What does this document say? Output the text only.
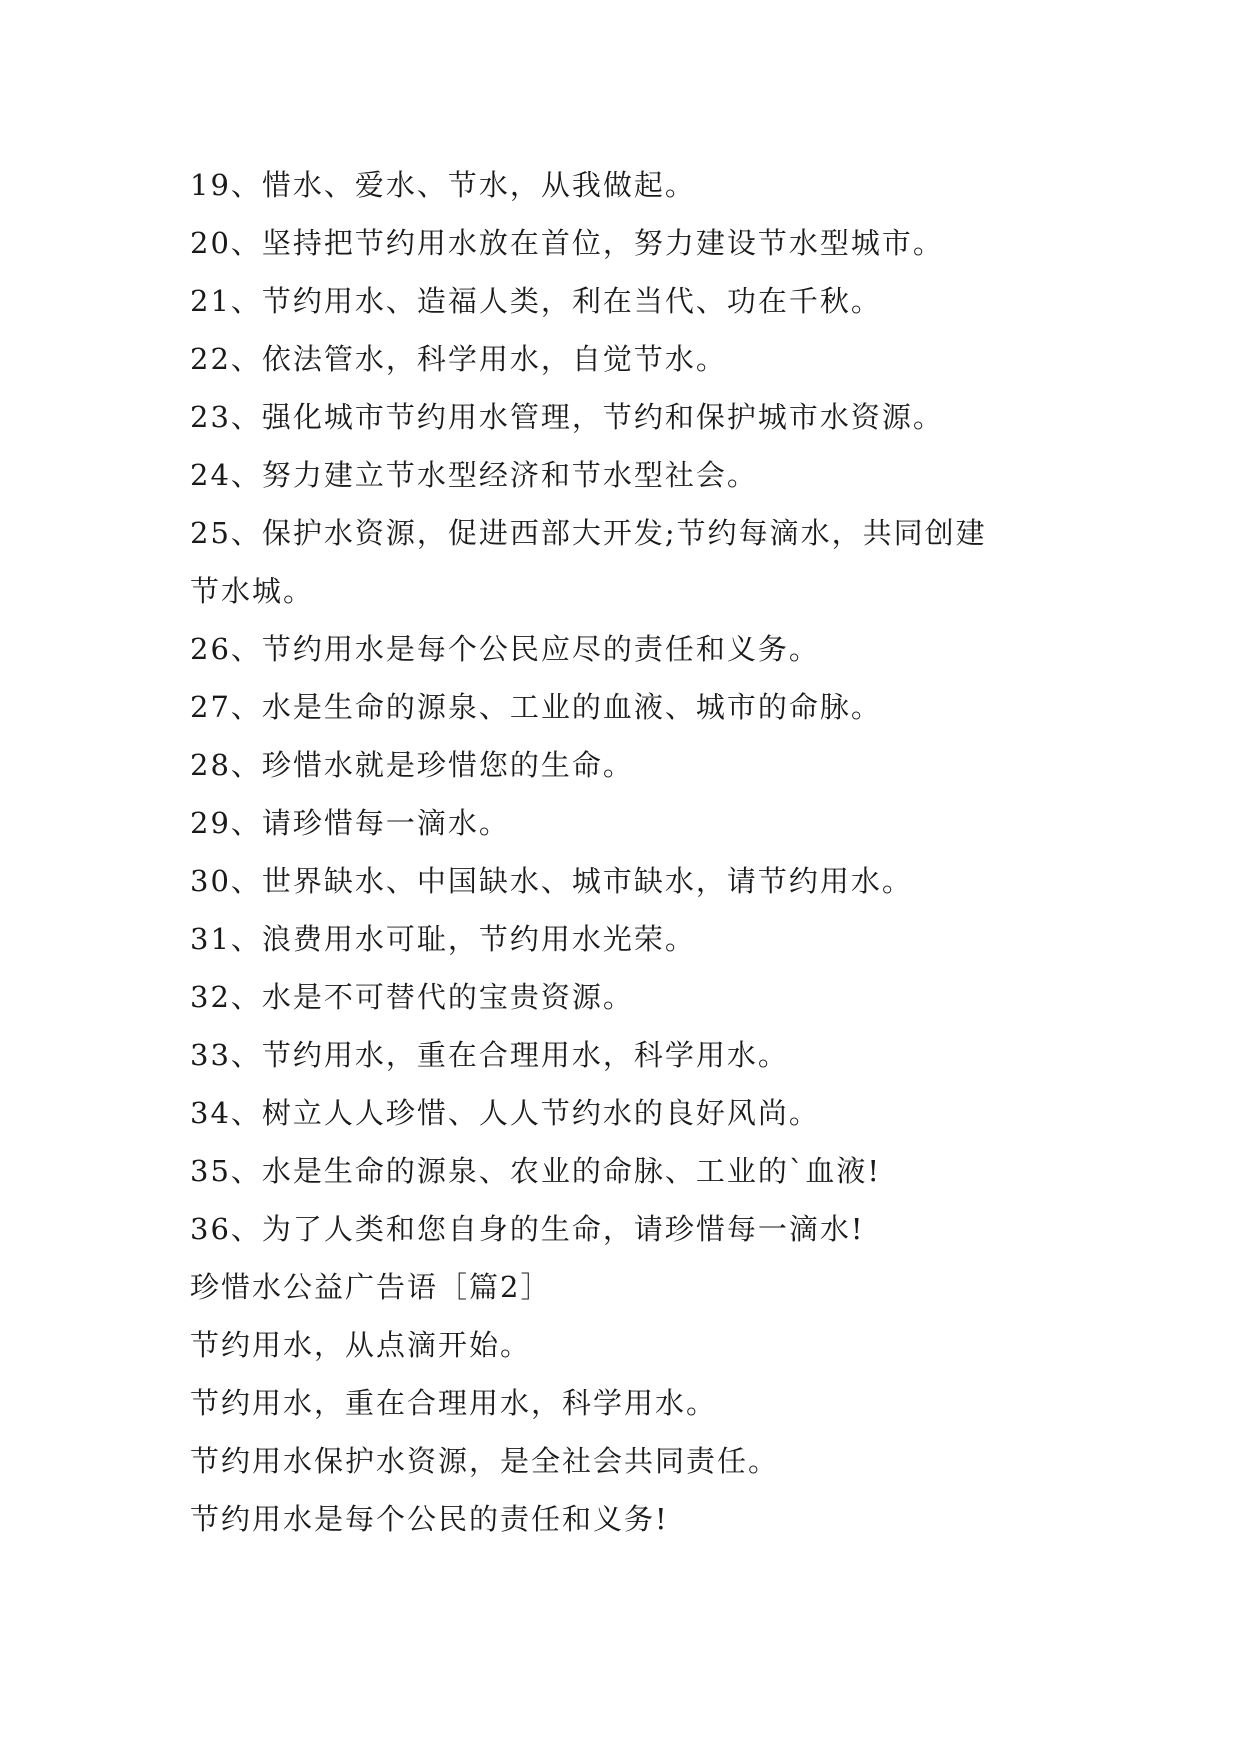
19、惜水、爱水、节水，从我做起。
20、坚持把节约用水放在首位，努力建设节水型城市。
21、节约用水、造福人类，利在当代、功在千秋。
22、依法管水，科学用水，自觉节水。
23、强化城市节约用水管理，节约和保护城市水资源。
24、努力建立节水型经济和节水型社会。
25、保护水资源，促进西部大开发;节约每滴水，共同创建
节水城。
26、节约用水是每个公民应尽的责任和义务。
27、水是生命的源泉、工业的血液、城市的命脉。
28、珍惜水就是珍惜您的生命。
29、请珍惜每一滴水。
30、世界缺水、中国缺水、城市缺水，请节约用水。
31、浪费用水可耻，节约用水光荣。
32、水是不可替代的宝贵资源。
33、节约用水，重在合理用水，科学用水。
34、树立人人珍惜、人人节约水的良好风尚。
35、水是生命的源泉、农业的命脉、工业的`血液!
36、为了人类和您自身的生命，请珍惜每一滴水!
珍惜水公益广告语［篇2］
节约用水，从点滴开始。
节约用水，重在合理用水，科学用水。
节约用水保护水资源，是全社会共同责任。
节约用水是每个公民的责任和义务!
